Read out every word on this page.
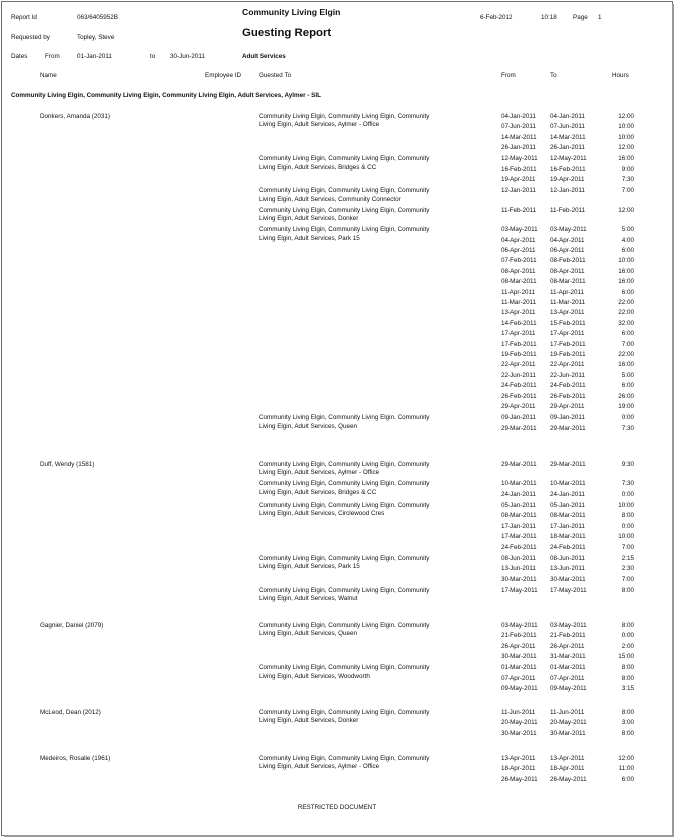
Report Id	063/6405952B
Community Living Elgin
6-Feb-2012	10:18	Page 1
Requested by	Topley, Steve	Guesting Report
Dates	From	01-Jan-2011	to 30-Jun-2011	Adult Services
Name	Employee ID	Guested To	From	To	Hours
Community Living Elgin, Community Living Elgin, Community Living Elgin, Adult Services, Aylmer - SIL
Donkers, Amanda (2031)	Community Living Elgin, Community Living Elgin, Community
Living Elgin, Adult Services, Aylmer - Office
04-Jan-2011 04-Jan-2011	12:00
07-Jun-2011 07-Jun-2011	10:00
14-Mar-2011 14-Mar-2011	10:00
26-Jan-2011 26-Jan-2011	12:00
Community Living Elgin, Community Living Elgin, Community
Living Elgin, Adult Services, Bridges & CC
12-May-2011 12-May-2011	16:00
16-Feb-2011 16-Feb-2011	9:00
19-Apr-2011 19-Apr-2011	7:30
Community Living Elgin, Community Living Elgin, Community
Living Elgin, Adult Services, Community Connector
12-Jan-2011 12-Jan-2011	7:00
Community Living Elgin, Community Living Elgin, Community
Living Elgin, Adult Services, Donker
11-Feb-2011 11-Feb-2011	12:00
Community Living Elgin, Community Living Elgin, Community
Living Elgin, Adult Services, Park 15
03-May-2011 03-May-2011	5:00
04-Apr-2011 04-Apr-2011	4:00
06-Apr-2011 06-Apr-2011	6:00
07-Feb-2011 08-Feb-2011	10:00
08-Apr-2011 08-Apr-2011	16:00
08-Mar-2011 08-Mar-2011	16:00
11-Apr-2011 11-Apr-2011	6:00
11-Mar-2011 11-Mar-2011	22:00
13-Apr-2011 13-Apr-2011	22:00
14-Feb-2011 15-Feb-2011	32:00
17-Apr-2011 17-Apr-2011	6:00
17-Feb-2011 17-Feb-2011	7:00
19-Feb-2011 19-Feb-2011	22:00
22-Apr-2011 22-Apr-2011	16:00
22-Jun-2011 22-Jun-2011	5:00
24-Feb-2011 24-Feb-2011	6:00
26-Feb-2011 26-Feb-2011	26:00
29-Apr-2011 29-Apr-2011	19:00
Community Living Elgin, Community Living Elgin, Community
Living Elgin, Adult Services, Queen
09-Jan-2011 09-Jan-2011	0:00
29-Mar-2011 29-Mar-2011	7:30
Duff, Wendy (1581)	Community Living Elgin, Community Living Elgin, Community
Living Elgin, Adult Services, Aylmer - Office
29-Mar-2011 29-Mar-2011	9:30
Community Living Elgin, Community Living Elgin, Community
Living Elgin, Adult Services, Bridges & CC
10-Mar-2011 10-Mar-2011	7:30
24-Jan-2011 24-Jan-2011	0:00
Community Living Elgin, Community Living Elgin, Community
Living Elgin, Adult Services, Circlewood Cres
05-Jan-2011 05-Jan-2011	10:00
08-Mar-2011 08-Mar-2011	8:00
17-Jan-2011 17-Jan-2011	0:00
17-Mar-2011 18-Mar-2011	10:00
24-Feb-2011 24-Feb-2011	7:00
Community Living Elgin, Community Living Elgin, Community
Living Elgin, Adult Services, Park 15
08-Jun-2011 08-Jun-2011	2:15
13-Jun-2011 13-Jun-2011	2:30
30-Mar-2011 30-Mar-2011	7:00
Community Living Elgin, Community Living Elgin, Community
Living Elgin, Adult Services, Walnut
17-May-2011 17-May-2011	8:00
Gagnier, Daniel (2079)	Community Living Elgin, Community Living Elgin, Community
Living Elgin, Adult Services, Queen
03-May-2011 03-May-2011	8:00
21-Feb-2011 21-Feb-2011	0:00
26-Apr-2011 26-Apr-2011	2:00
30-Mar-2011 31-Mar-2011	15:00
Community Living Elgin, Community Living Elgin, Community
Living Elgin, Adult Services, Woodworth
01-Mar-2011 01-Mar-2011	8:00
07-Apr-2011 07-Apr-2011	8:00
09-May-2011 09-May-2011	3:15
McLeod, Dean (2012)	Community Living Elgin, Community Living Elgin, Community
Living Elgin, Adult Services, Donker
11-Jun-2011 11-Jun-2011	8:00
20-May-2011 20-May-2011	3:00
30-Mar-2011 30-Mar-2011	8:00
Medeiros, Rosalie (1961)	Community Living Elgin, Community Living Elgin, Community
Living Elgin, Adult Services, Aylmer - Office
13-Apr-2011 13-Apr-2011	12:00
18-Apr-2011 18-Apr-2011	11:00
26-May-2011 26-May-2011	6:00
RESTRICTED DOCUMENT
